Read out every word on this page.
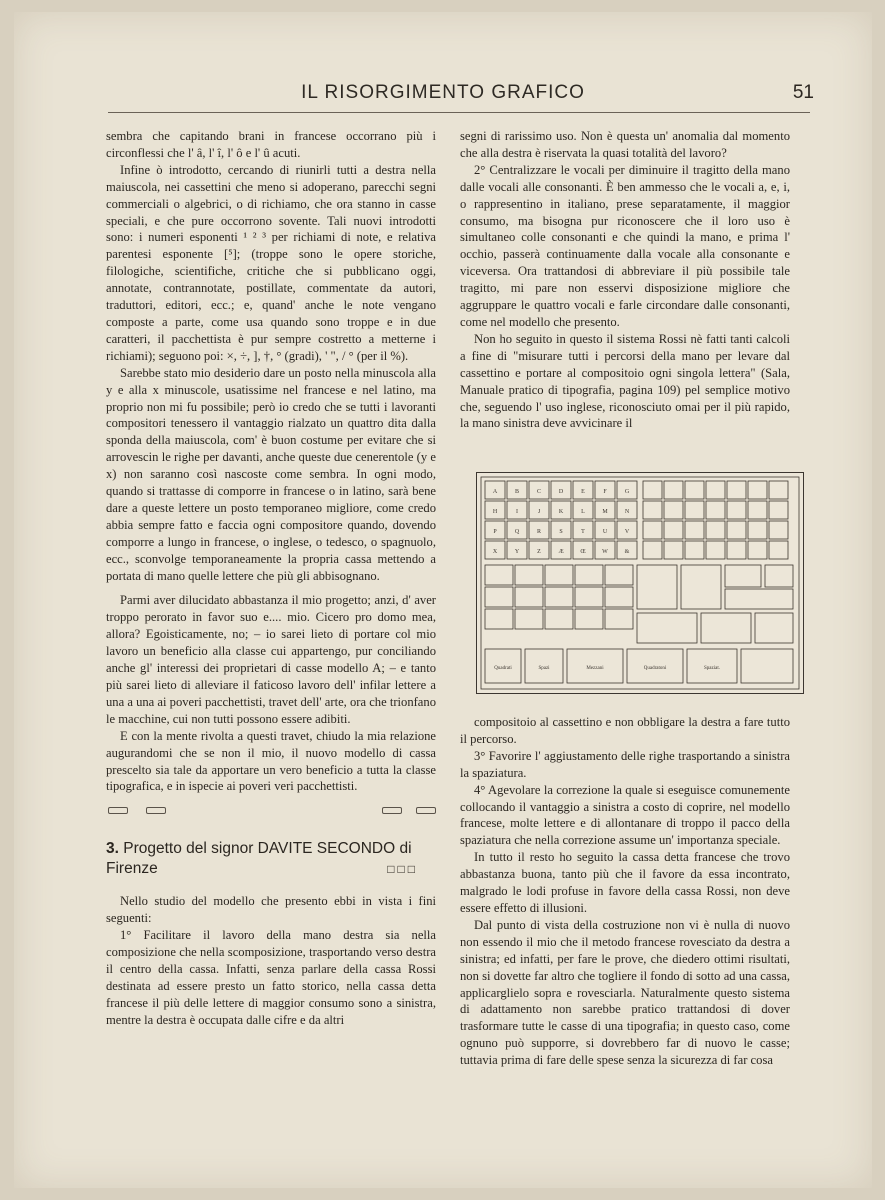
IL RISORGIMENTO GRAFICO	51

sembra che capitando brani in francese occorrano più i circonflessi che l' â, l' î, l' ô e l' û acuti.

Infine ò introdotto, cercando di riunirli tutti a destra nella maiuscola, nei cassettini che meno si adoperano, parecchi segni commerciali o algebrici, o di richiamo, che ora stanno in casse speciali, e che pure occorrono sovente. Tali nuovi introdotti sono: i numeri esponenti ¹ ² ³ per richiami di note, e relativa parentesi esponente [⁵]; (troppe sono le opere storiche, filologiche, scientifiche, critiche che si pubblicano oggi, annotate, contrannotate, postillate, commentate da autori, traduttori, editori, ecc.; e, quand' anche le note vengano composte a parte, come usa quando sono troppe e in due caratteri, il pacchettista è pur sempre costretto a metterne i richiami); seguono poi: ×, ÷, ], †, ° (gradi), ' ", / ° (per il %).

Sarebbe stato mio desiderio dare un posto nella minuscola alla y e alla x minuscole, usatissime nel francese e nel latino, ma proprio non mi fu possibile; però io credo che se tutti i lavoranti compositori tenessero il vantaggio rialzato un quattro dita dalla sponda della maiuscola, com' è buon costume per evitare che si arrovescin le righe per davanti, anche queste due cenerentole (y e x) non saranno così nascoste come sembra. In ogni modo, quando si trattasse di comporre in francese o in latino, sarà bene dare a queste lettere un posto temporaneo migliore, come credo abbia sempre fatto e faccia ogni compositore quando, dovendo comporre a lungo in francese, o inglese, o tedesco, o spagnuolo, ecc., sconvolge temporaneamente la propria cassa mettendo a portata di mano quelle lettere che più gli abbisognano.

Parmi aver dilucidato abbastanza il mio progetto; anzi, d' aver troppo perorato in favor suo e.... mio. Cicero pro domo mea, allora? Egoisticamente, no; – io sarei lieto di portare col mio lavoro un beneficio alla classe cui appartengo, pur conciliando anche gl' interessi dei proprietari di casse modello A; – e tanto più sarei lieto di alleviare il faticoso lavoro dell' infilar lettere a una a una ai poveri pacchettisti, travet dell' arte, ora che trionfano le macchine, cui non tutti possono essere adibiti.

E con la mente rivolta a questi travet, chiudo la mia relazione augurandomi che se non il mio, il nuovo modello di cassa prescelto sia tale da apportare un vero beneficio a tutta la classe tipografica, e in ispecie ai poveri veri pacchettisti.

3. Progetto del signor DAVITE SECONDO di
Firenze	□□□

Nello studio del modello che presento ebbi in vista i fini seguenti:

1° Facilitare il lavoro della mano destra sia nella composizione che nella scomposizione, trasportando verso destra il centro della cassa. Infatti, senza parlare della cassa Rossi destinata ad essere presto un fatto storico, nella cassa detta francese il più delle lettere di maggior consumo sono a sinistra, mentre la destra è occupata dalle cifre e da altri

segni di rarissimo uso. Non è questa un' anomalia dal momento che alla destra è riservata la quasi totalità del lavoro?

2° Centralizzare le vocali per diminuire il tragitto della mano dalle vocali alle consonanti. È ben ammesso che le vocali a, e, i, o rappresentino in italiano, prese separatamente, il maggior consumo, ma bisogna pur riconoscere che il loro uso è simultaneo colle consonanti e che quindi la mano, e prima l' occhio, passerà continuamente dalla vocale alla consonante e viceversa. Ora trattandosi di abbreviare il più possibile tale tragitto, mi pare non esservi disposizione migliore che aggruppare le quattro vocali e farle circondare dalle consonanti, come nel modello che presento.

Non ho seguito in questo il sistema Rossi nè fatti tanti calcoli a fine di "misurare tutti i percorsi della mano per levare dal cassettino e portare al compositoio ogni singola lettera" (Sala, Manuale pratico di tipografia, pagina 109) pel semplice motivo che, seguendo l' uso inglese, riconosciuto omai per il più rapido, la mano sinistra deve avvicinare il

A	B	C	D	E	F	G
H	I	J	K	L	M	N
P	Q	R	S	T	U	V
X	Y	Z	Æ	Œ	W	&
Quadrati	Spazi	Mezzani	Quadratoni	Spaziat.

compositoio al cassettino e non obbligare la destra a fare tutto il percorso.

3° Favorire l' aggiustamento delle righe trasportando a sinistra la spaziatura.

4° Agevolare la correzione la quale si eseguisce comunemente collocando il vantaggio a sinistra a costo di coprire, nel modello francese, molte lettere e di allontanare di troppo il pacco della spaziatura che nella correzione assume un' importanza speciale.

In tutto il resto ho seguito la cassa detta francese che trovo abbastanza buona, tanto più che il favore da essa incontrato, malgrado le lodi profuse in favore della cassa Rossi, non deve essere effetto di illusioni.

Dal punto di vista della costruzione non vi è nulla di nuovo non essendo il mio che il metodo francese rovesciato da destra a sinistra; ed infatti, per fare le prove, che diedero ottimi risultati, non si dovette far altro che togliere il fondo di sotto ad una cassa, applicarglielo sopra e rovesciarla. Naturalmente questo sistema di adattamento non sarebbe pratico trattandosi di dover trasformare tutte le casse di una tipografia; in questo caso, come ognuno può supporre, si dovrebbero far di nuovo le casse; tuttavia prima di fare delle spese senza la sicurezza di far cosa
